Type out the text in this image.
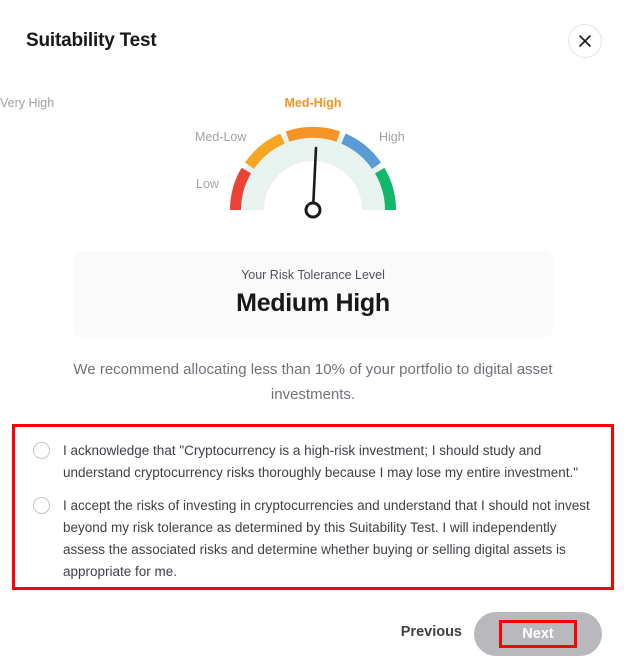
Suitability Test
Med-High
Med-Low	High
Low
Very High
Your Risk Tolerance Level
Medium High
We recommend allocating less than 10% of your portfolio to digital asset investments.
I acknowledge that "Cryptocurrency is a high-risk investment; I should study and understand cryptocurrency risks thoroughly because I may lose my entire investment."
I accept the risks of investing in cryptocurrencies and understand that I should not invest beyond my risk tolerance as determined by this Suitability Test. I will independently assess the associated risks and determine whether buying or selling digital assets is appropriate for me.
Previous	Next
